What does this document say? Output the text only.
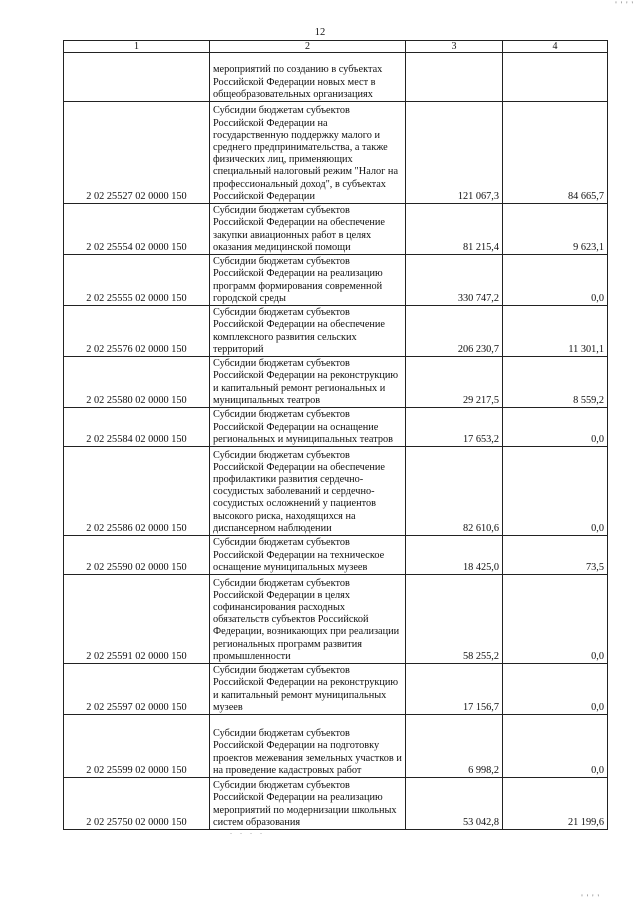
' ' ' '
12
1	2	3	4
	мероприятий по созданию в субъектах Российской Федерации новых мест в общеобразовательных организациях		
2 02 25527 02 0000 150	Субсидии бюджетам субъектов Российской Федерации на государственную поддержку малого и среднего предпринимательства, а также физических лиц, применяющих специальный налоговый режим "Налог на профессиональный доход", в субъектах Российской Федерации	121 067,3	84 665,7
2 02 25554 02 0000 150	Субсидии бюджетам субъектов Российской Федерации на обеспечение закупки авиационных работ в целях оказания медицинской помощи	81 215,4	9 623,1
2 02 25555 02 0000 150	Субсидии бюджетам субъектов Российской Федерации на реализацию программ формирования современной городской среды	330 747,2	0,0
2 02 25576 02 0000 150	Субсидии бюджетам субъектов Российской Федерации на обеспечение комплексного развития сельских территорий	206 230,7	11 301,1
2 02 25580 02 0000 150	Субсидии бюджетам субъектов Российской Федерации на реконструкцию и капитальный ремонт региональных и муниципальных театров	29 217,5	8 559,2
2 02 25584 02 0000 150	Субсидии бюджетам субъектов Российской Федерации на оснащение региональных и муниципальных театров	17 653,2	0,0
2 02 25586 02 0000 150	Субсидии бюджетам субъектов Российской Федерации на обеспечение профилактики развития сердечно-сосудистых заболеваний и сердечно-сосудистых осложнений у пациентов высокого риска, находящихся на диспансерном наблюдении	82 610,6	0,0
2 02 25590 02 0000 150	Субсидии бюджетам субъектов Российской Федерации на техническое оснащение муниципальных музеев	18 425,0	73,5
2 02 25591 02 0000 150	Субсидии бюджетам субъектов Российской Федерации в целях софинансирования расходных обязательств субъектов Российской Федерации, возникающих при реализации региональных программ развития промышленности	58 255,2	0,0
2 02 25597 02 0000 150	Субсидии бюджетам субъектов Российской Федерации на реконструкцию и капитальный ремонт муниципальных музеев	17 156,7	0,0
2 02 25599 02 0000 150	Субсидии бюджетам субъектов Российской Федерации на подготовку проектов межевания земельных участков и на проведение кадастровых работ	6 998,2	0,0
2 02 25750 02 0000 150	Субсидии бюджетам субъектов Российской Федерации на реализацию мероприятий по модернизации школьных систем образования	53 042,8	21 199,6
. . . .
' ' ' '
